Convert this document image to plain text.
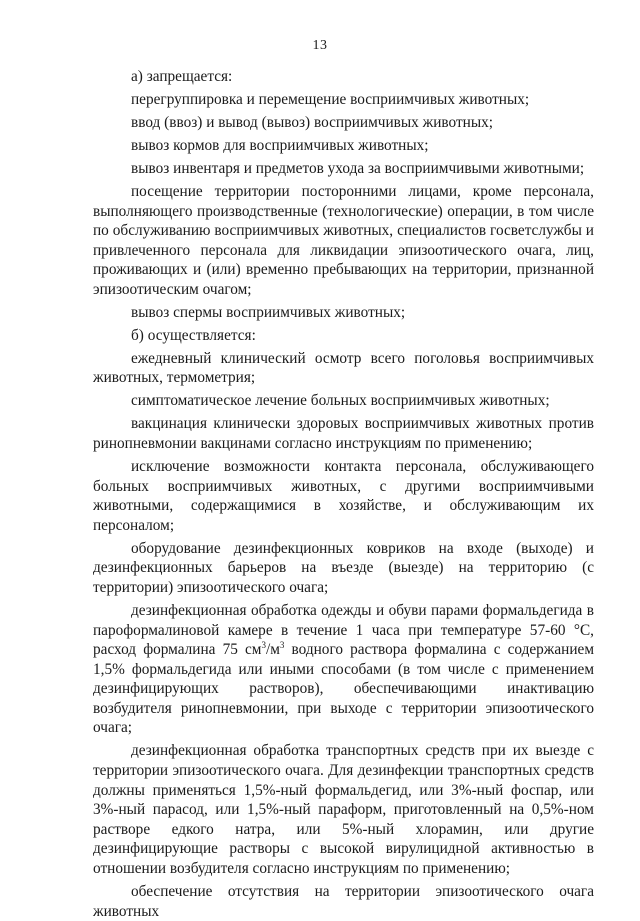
13

а) запрещается:

перегруппировка и перемещение восприимчивых животных;

ввод (ввоз) и вывод (вывоз) восприимчивых животных;

вывоз кормов для восприимчивых животных;

вывоз инвентаря и предметов ухода за восприимчивыми животными;

посещение территории посторонними лицами, кроме персонала, выполняющего производственные (технологические) операции, в том числе по обслуживанию восприимчивых животных, специалистов госветслужбы и привлеченного персонала для ликвидации эпизоотического очага, лиц, проживающих и (или) временно пребывающих на территории, признанной эпизоотическим очагом;

вывоз спермы восприимчивых животных;

б) осуществляется:

ежедневный клинический осмотр всего поголовья восприимчивых животных, термометрия;

симптоматическое лечение больных восприимчивых животных;

вакцинация клинически здоровых восприимчивых животных против ринопневмонии вакцинами согласно инструкциям по применению;

исключение возможности контакта персонала, обслуживающего больных восприимчивых животных, с другими восприимчивыми животными, содержащимися в хозяйстве, и обслуживающим их персоналом;

оборудование дезинфекционных ковриков на входе (выходе) и дезинфекционных барьеров на въезде (выезде) на территорию (с территории) эпизоотического очага;

дезинфекционная обработка одежды и обуви парами формальдегида в пароформалиновой камере в течение 1 часа при температуре 57-60 °С, расход формалина 75 $см^3/м^3$ водного раствора формалина с содержанием 1,5% формальдегида или иными способами (в том числе с применением дезинфицирующих растворов), обеспечивающими инактивацию возбудителя ринопневмонии, при выходе с территории эпизоотического очага;

дезинфекционная обработка транспортных средств при их выезде с территории эпизоотического очага. Для дезинфекции транспортных средств должны применяться 1,5%-ный формальдегид, или 3%-ный фоспар, или 3%-ный парасод, или 1,5%-ный параформ, приготовленный на 0,5%-ном растворе едкого натра, или 5%-ный хлорамин, или другие дезинфицирующие растворы с высокой вирулицидной активностью в отношении возбудителя согласно инструкциям по применению;

обеспечение отсутствия на территории эпизоотического очага животных
